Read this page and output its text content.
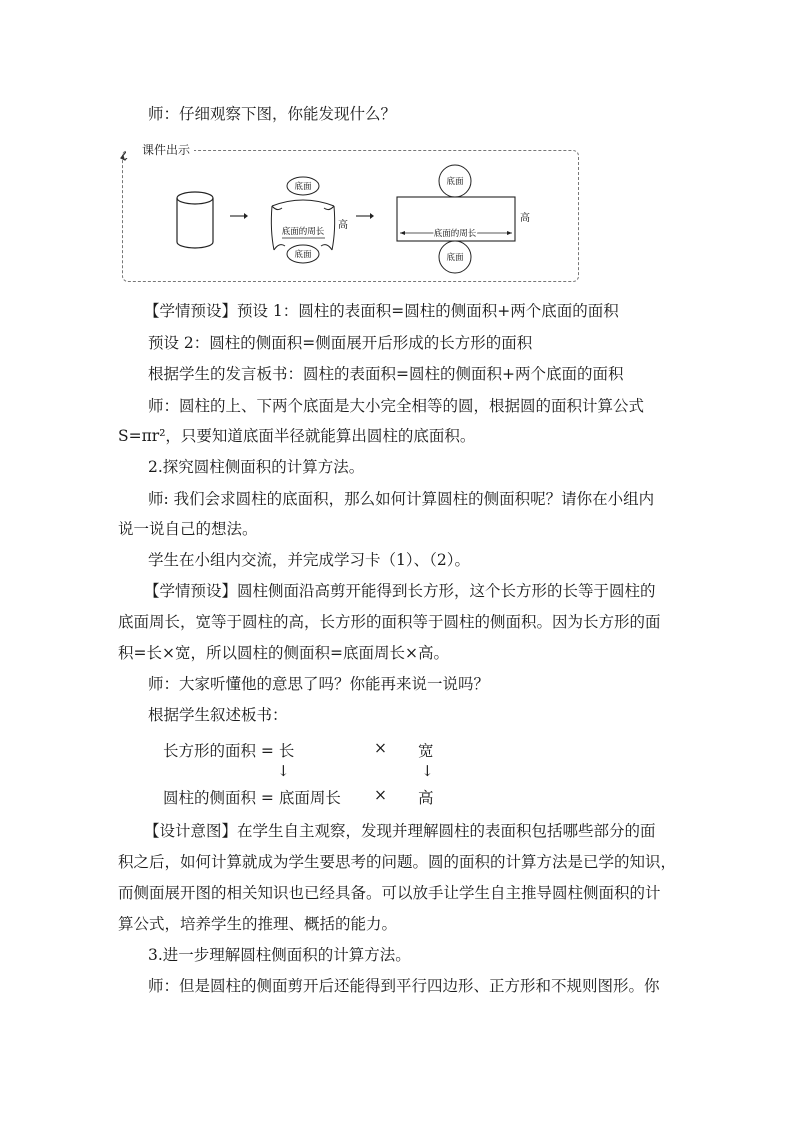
师：仔细观察下图，你能发现什么？
课件出示
底面
底面的周长
底面
高
底面
底面的周长
底面
高
【学情预设】预设 1：圆柱的表面积=圆柱的侧面积+两个底面的面积
预设 2：圆柱的侧面积=侧面展开后形成的长方形的面积
根据学生的发言板书：圆柱的表面积=圆柱的侧面积+两个底面的面积
师：圆柱的上、下两个底面是大小完全相等的圆，根据圆的面积计算公式
S=πr²，只要知道底面半径就能算出圆柱的底面积。
2.探究圆柱侧面积的计算方法。
师: 我们会求圆柱的底面积，那么如何计算圆柱的侧面积呢？请你在小组内
说一说自己的想法。
学生在小组内交流，并完成学习卡（1）、（2）。
【学情预设】圆柱侧面沿高剪开能得到长方形，这个长方形的长等于圆柱的
底面周长，宽等于圆柱的高，长方形的面积等于圆柱的侧面积。因为长方形的面
积=长×宽，所以圆柱的侧面积=底面周长×高。
师：大家听懂他的意思了吗？你能再来说一说吗？
根据学生叙述板书：
长方形的面积 = 长	× 宽
↓	↓
圆柱的侧面积 = 底面周长 × 高
【设计意图】在学生自主观察，发现并理解圆柱的表面积包括哪些部分的面
积之后，如何计算就成为学生要思考的问题。圆的面积的计算方法是已学的知识，
而侧面展开图的相关知识也已经具备。可以放手让学生自主推导圆柱侧面积的计
算公式，培养学生的推理、概括的能力。
3.进一步理解圆柱侧面积的计算方法。
师：但是圆柱的侧面剪开后还能得到平行四边形、正方形和不规则图形。你
